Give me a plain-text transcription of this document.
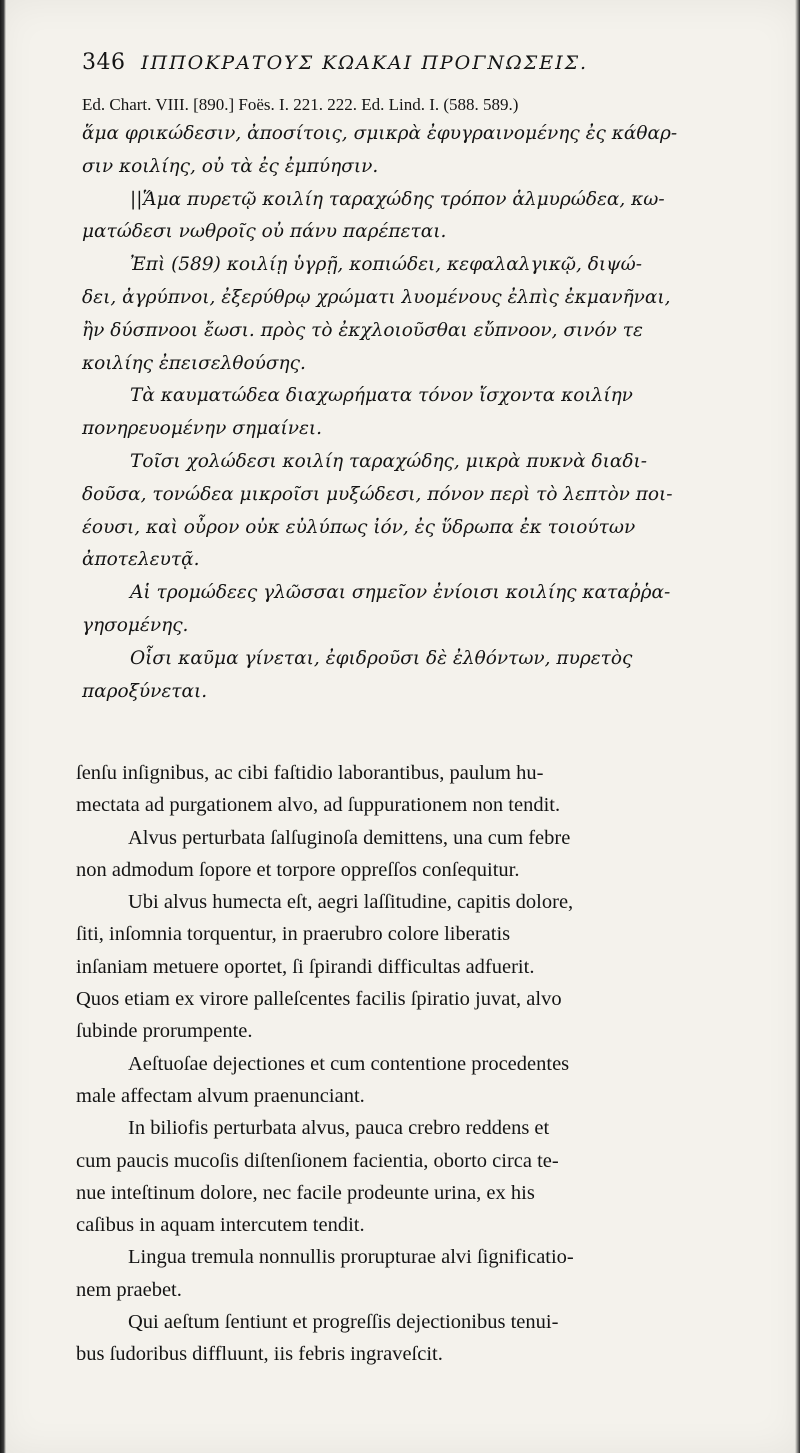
346 ΙΠΠΟΚΡΑΤΟΥΣ ΚΩΑΚΑΙ ΠΡΟΓΝΩΣΕΙΣ.
Ed. Chart. VIII. [890.] Foës. I. 221. 222. Ed. Lind. I. (588. 589.)
ἅμα φρικώδεσιν, ἀποσίτοις, σμικρὰ ἐφυγραινομένης ἐς κάθαρ-
σιν κοιλίης, οὐ τὰ ἐς ἐμπύησιν.
||Ἅμα πυρετῷ κοιλίη ταραχώδης τρόπον ἁλμυρώδεα, κω-
ματώδεσι νωθροῖς οὐ πάνυ παρέπεται.
Ἐπὶ (589) κοιλίῃ ὑγρῇ, κοπιώδει, κεφαλαλγικῷ, διψώ-
δει, ἀγρύπνοι, ἐξερύθρῳ χρώματι λυομένους ἐλπὶς ἐκμανῆναι,
ἢν δύσπνοοι ἔωσι. πρὸς τὸ ἐκχλοιοῦσθαι εὔπνοον, σινόν τε
κοιλίης ἐπεισελθούσης.
Τὰ καυματώδεα διαχωρήματα τόνον ἴσχοντα κοιλίην
πονηρευομένην σημαίνει.
Τοῖσι χολώδεσι κοιλίη ταραχώδης, μικρὰ πυκνὰ διαδι-
δοῦσα, τονώδεα μικροῖσι μυξώδεσι, πόνον περὶ τὸ λεπτὸν ποι-
έουσι, καὶ οὖρον οὐκ εὐλύπως ἰόν, ἐς ὕδρωπα ἐκ τοιούτων
ἀποτελευτᾷ.
Αἱ τρομώδεες γλῶσσαι σημεῖον ἐνίοισι κοιλίης καταῤῥα-
γησομένης.
Οἷσι καῦμα γίνεται, ἐφιδροῦσι δὲ ἐλθόντων, πυρετὸς
παροξύνεται.
ſenſu inſignibus, ac cibi faſtidio laborantibus, paulum hu-
mectata ad purgationem alvo, ad ſuppurationem non tendit.
Alvus perturbata ſalſuginoſa demittens, una cum febre
non admodum ſopore et torpore oppreſſos conſequitur.
Ubi alvus humecta eſt, aegri laſſitudine, capitis dolore,
ſiti, inſomnia torquentur, in praerubro colore liberatis
inſaniam metuere oportet, ſi ſpirandi difficultas adfuerit.
Quos etiam ex virore palleſcentes facilis ſpiratio juvat, alvo
ſubinde prorumpente.
Aeſtuoſae dejectiones et cum contentione procedentes
male affectam alvum praenunciant.
In biliofis perturbata alvus, pauca crebro reddens et
cum paucis mucoſis diſtenſionem facientia, oborto circa te-
nue inteſtinum dolore, nec facile prodeunte urina, ex his
caſibus in aquam intercutem tendit.
Lingua tremula nonnullis prorupturae alvi ſignificatio-
nem praebet.
Qui aeſtum ſentiunt et progreſſis dejectionibus tenui-
bus ſudoribus diffluunt, iis febris ingraveſcit.
